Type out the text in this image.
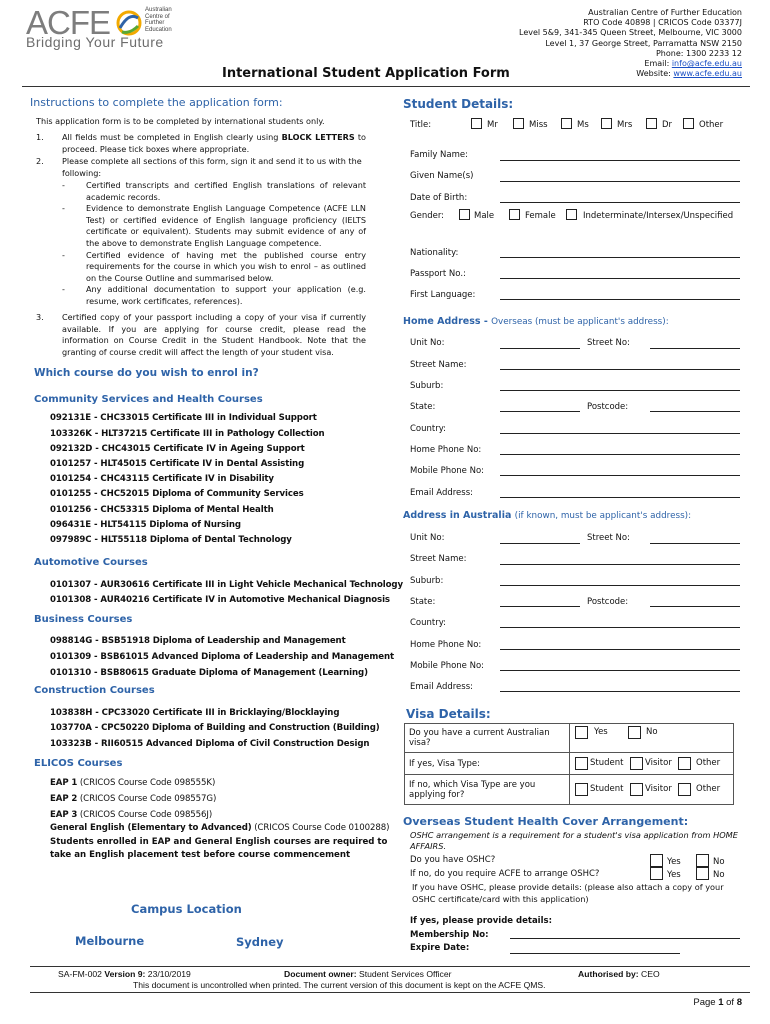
ACFE	Australian
Centre of
Further
Education
Bridging Your Future
Australian Centre of Further Education
RTO Code 40898 | CRICOS Code 03377J
Level 5&9, 341-345 Queen Street, Melbourne, VIC 3000
Level 1, 37 George Street, Parramatta NSW 2150
Phone: 1300 2233 12
Email: info@acfe.edu.au
Website: www.acfe.edu.au
International Student Application Form
Instructions to complete the application form:
This application form is to be completed by international students only.
1. All fields must be completed in English clearly using BLOCK LETTERS to proceed. Please tick boxes where appropriate.
2. Please complete all sections of this form, sign it and send it to us with the following:
-	Certified transcripts and certified English translations of relevant academic records.
-	Evidence to demonstrate English Language Competence (ACFE LLN Test) or certified evidence of English language proficiency (IELTS certificate or equivalent). Students may submit evidence of any of the above to demonstrate English Language competence.
-	Certified evidence of having met the published course entry requirements for the course in which you wish to enrol – as outlined on the Course Outline and summarised below.
-	Any additional documentation to support your application (e.g. resume, work certificates, references).
3. Certified copy of your passport including a copy of your visa if currently available. If you are applying for course credit, please read the information on Course Credit in the Student Handbook. Note that the granting of course credit will affect the length of your student visa.
Which course do you wish to enrol in?
Community Services and Health Courses
092131E - CHC33015 Certificate III in Individual Support
103326K - HLT37215 Certificate III in Pathology Collection
092132D - CHC43015 Certificate IV in Ageing Support
0101257 - HLT45015 Certificate IV in Dental Assisting
0101254 - CHC43115 Certificate IV in Disability
0101255 - CHC52015 Diploma of Community Services
0101256 - CHC53315 Diploma of Mental Health
096431E - HLT54115 Diploma of Nursing
097989C - HLT55118 Diploma of Dental Technology
Automotive Courses
0101307 - AUR30616 Certificate III in Light Vehicle Mechanical Technology
0101308 - AUR40216 Certificate IV in Automotive Mechanical Diagnosis
Business Courses
098814G - BSB51918 Diploma of Leadership and Management
0101309 - BSB61015 Advanced Diploma of Leadership and Management
0101310 - BSB80615 Graduate Diploma of Management (Learning)
Construction Courses
103838H - CPC33020 Certificate III in Bricklaying/Blocklaying
103770A - CPC50220 Diploma of Building and Construction (Building)
103323B - RII60515 Advanced Diploma of Civil Construction Design
ELICOS Courses
EAP 1 (CRICOS Course Code 098555K)
EAP 2 (CRICOS Course Code 098557G)
EAP 3 (CRICOS Course Code 098556J)
General English (Elementary to Advanced) (CRICOS Course Code 0100288)
Students enrolled in EAP and General English courses are required to take an English placement test before course commencement
Campus Location
Melbourne	Sydney
Student Details:
Title:	Mr	Miss	Ms	Mrs	Dr	Other
Family Name:
Given Name(s)
Date of Birth:
Gender:	Male	Female	Indeterminate/Intersex/Unspecified
Nationality:
Passport No.:
First Language:
Home Address - Overseas (must be applicant's address):
Unit No:	Street No:
Street Name:
Suburb:
State:	Postcode:
Country:
Home Phone No:
Mobile Phone No:
Email Address:
Address in Australia (if known, must be applicant's address):
Unit No:	Street No:
Street Name:
Suburb:
State:	Postcode:
Country:
Home Phone No:
Mobile Phone No:
Email Address:
Visa Details:
Do you have a current Australian visa?	Yes No

If yes, Visa Type:	Student Visitor Other

If no, which Visa Type are you applying for?	Student Visitor Other
Overseas Student Health Cover Arrangement:
OSHC arrangement is a requirement for a student's visa application from HOME AFFAIRS.
Do you have OSHC?	Yes	No
If no, do you require ACFE to arrange OSHC?	Yes	No
If you have OSHC, please provide details: (please also attach a copy of your OSHC certificate/card with this application)
If yes, please provide details:
Membership No:
Expire Date:
SA-FM-002 Version 9: 23/10/2019	Document owner: Student Services Officer	Authorised by: CEO
This document is uncontrolled when printed. The current version of this document is kept on the ACFE QMS.
Page 1 of 8
